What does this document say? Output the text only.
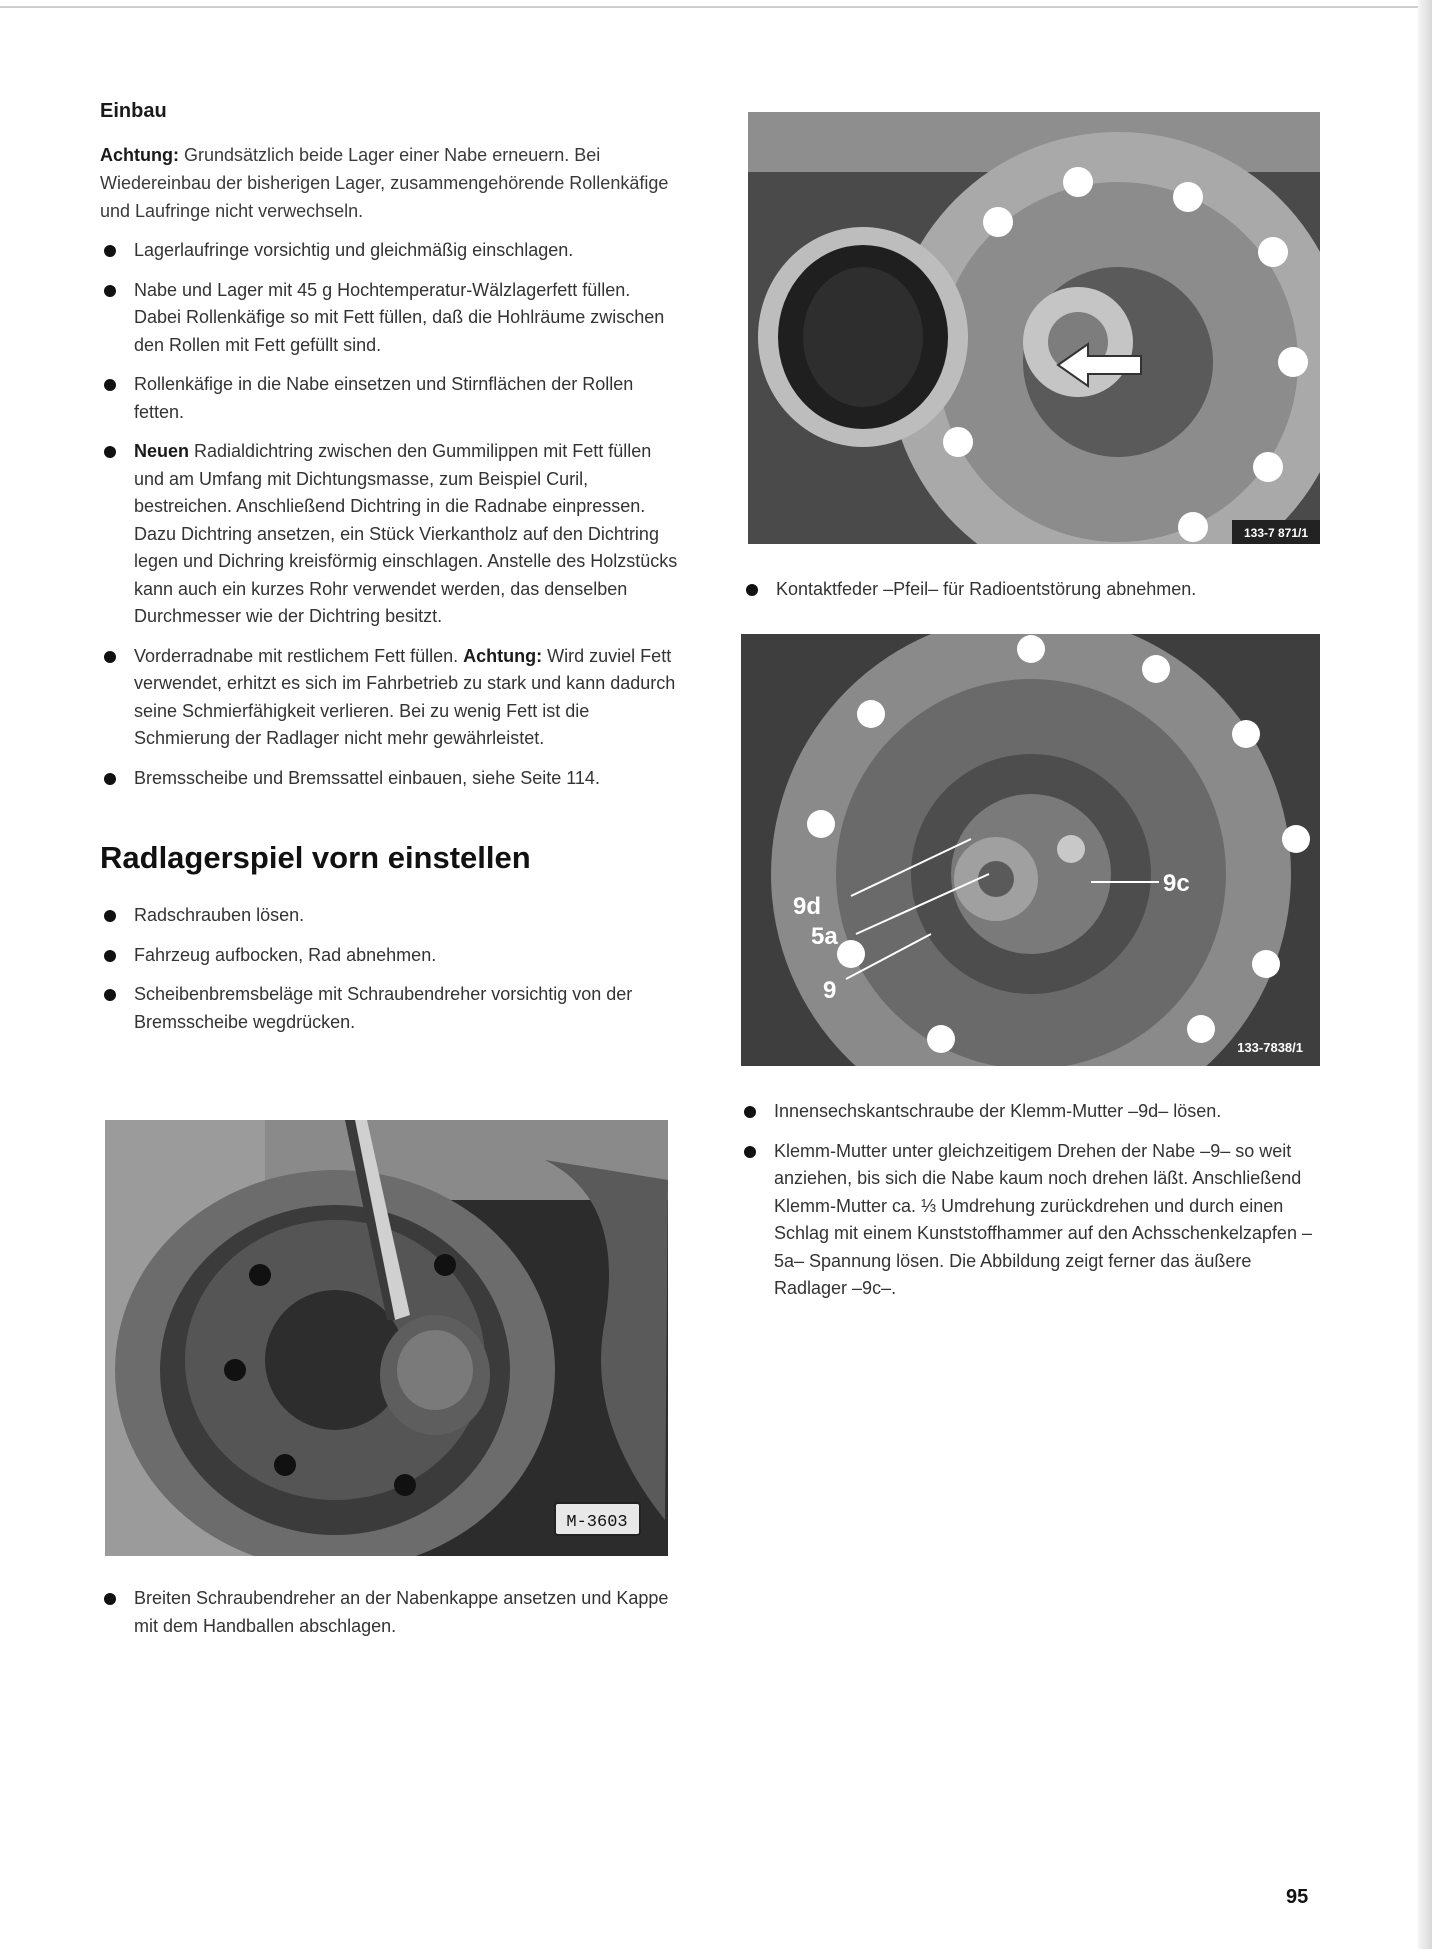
Einbau

Achtung: Grundsätzlich beide Lager einer Nabe erneuern. Bei Wiedereinbau der bisherigen Lager, zusammengehörende Rollenkäfige und Laufringe nicht verwechseln.

Lagerlaufringe vorsichtig und gleichmäßig einschlagen.
Nabe und Lager mit 45 g Hochtemperatur-Wälzlagerfett füllen. Dabei Rollenkäfige so mit Fett füllen, daß die Hohlräume zwischen den Rollen mit Fett gefüllt sind.
Rollenkäfige in die Nabe einsetzen und Stirnflächen der Rollen fetten.
Neuen Radialdichtring zwischen den Gummilippen mit Fett füllen und am Umfang mit Dichtungsmasse, zum Beispiel Curil, bestreichen. Anschließend Dichtring in die Radnabe einpressen. Dazu Dichtring ansetzen, ein Stück Vierkantholz auf den Dichtring legen und Dichring kreisförmig einschlagen. Anstelle des Holzstücks kann auch ein kurzes Rohr verwendet werden, das denselben Durchmesser wie der Dichtring besitzt.
Vorderradnabe mit restlichem Fett füllen. Achtung: Wird zuviel Fett verwendet, erhitzt es sich im Fahrbetrieb zu stark und kann dadurch seine Schmierfähigkeit verlieren. Bei zu wenig Fett ist die Schmierung der Radlager nicht mehr gewährleistet.
Bremsscheibe und Bremssattel einbauen, siehe Seite 114.
Radlagerspiel vorn einstellen
Radschrauben lösen.
Fahrzeug aufbocken, Rad abnehmen.
Scheibenbremsbeläge mit Schraubendreher vorsichtig von der Bremsscheibe wegdrücken.
M-3603
Breiten Schraubendreher an der Nabenkappe ansetzen und Kappe mit dem Handballen abschlagen.
133-7 871/1
Kontaktfeder –Pfeil– für Radioentstörung abnehmen.
9c
9d
5a
9
133-7838/1
Innensechskantschraube der Klemm-Mutter –9d– lösen.
Klemm-Mutter unter gleichzeitigem Drehen der Nabe –9– so weit anziehen, bis sich die Nabe kaum noch drehen läßt. Anschließend Klemm-Mutter ca. ⅓ Umdrehung zurückdrehen und durch einen Schlag mit einem Kunststoffhammer auf den Achsschenkelzapfen –5a– Spannung lösen. Die Abbildung zeigt ferner das äußere Radlager –9c–.
95
